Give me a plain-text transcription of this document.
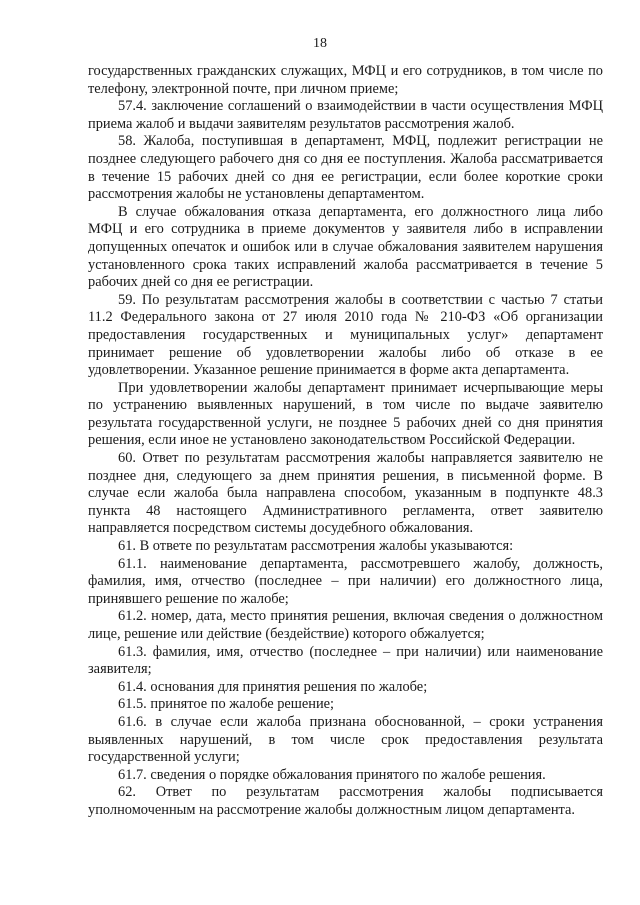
18

государственных гражданских служащих, МФЦ и его сотрудников, в том числе по телефону, электронной почте, при личном приеме;

57.4. заключение соглашений о взаимодействии в части осуществления МФЦ приема жалоб и выдачи заявителям результатов рассмотрения жалоб.

58. Жалоба, поступившая в департамент, МФЦ, подлежит регистрации не позднее следующего рабочего дня со дня ее поступления. Жалоба рассматривается в течение 15 рабочих дней со дня ее регистрации, если более короткие сроки рассмотрения жалобы не установлены департаментом.

В случае обжалования отказа департамента, его должностного лица либо МФЦ и его сотрудника в приеме документов у заявителя либо в исправлении допущенных опечаток и ошибок или в случае обжалования заявителем нарушения установленного срока таких исправлений жалоба рассматривается в течение 5 рабочих дней со дня ее регистрации.

59. По результатам рассмотрения жалобы в соответствии с частью 7 статьи 11.2 Федерального закона от 27 июля 2010 года № 210-ФЗ «Об организации предоставления государственных и муниципальных услуг» департамент принимает решение об удовлетворении жалобы либо об отказе в ее удовлетворении. Указанное решение принимается в форме акта департамента.

При удовлетворении жалобы департамент принимает исчерпывающие меры по устранению выявленных нарушений, в том числе по выдаче заявителю результата государственной услуги, не позднее 5 рабочих дней со дня принятия решения, если иное не установлено законодательством Российской Федерации.

60. Ответ по результатам рассмотрения жалобы направляется заявителю не позднее дня, следующего за днем принятия решения, в письменной форме. В случае если жалоба была направлена способом, указанным в подпункте 48.3 пункта 48 настоящего Административного регламента, ответ заявителю направляется посредством системы досудебного обжалования.

61. В ответе по результатам рассмотрения жалобы указываются:

61.1. наименование департамента, рассмотревшего жалобу, должность, фамилия, имя, отчество (последнее – при наличии) его должностного лица, принявшего решение по жалобе;

61.2. номер, дата, место принятия решения, включая сведения о должностном лице, решение или действие (бездействие) которого обжалуется;

61.3. фамилия, имя, отчество (последнее – при наличии) или наименование заявителя;

61.4. основания для принятия решения по жалобе;

61.5. принятое по жалобе решение;

61.6. в случае если жалоба признана обоснованной, – сроки устранения выявленных нарушений, в том числе срок предоставления результата государственной услуги;

61.7. сведения о порядке обжалования принятого по жалобе решения.

62. Ответ по результатам рассмотрения жалобы подписывается уполномоченным на рассмотрение жалобы должностным лицом департамента.
